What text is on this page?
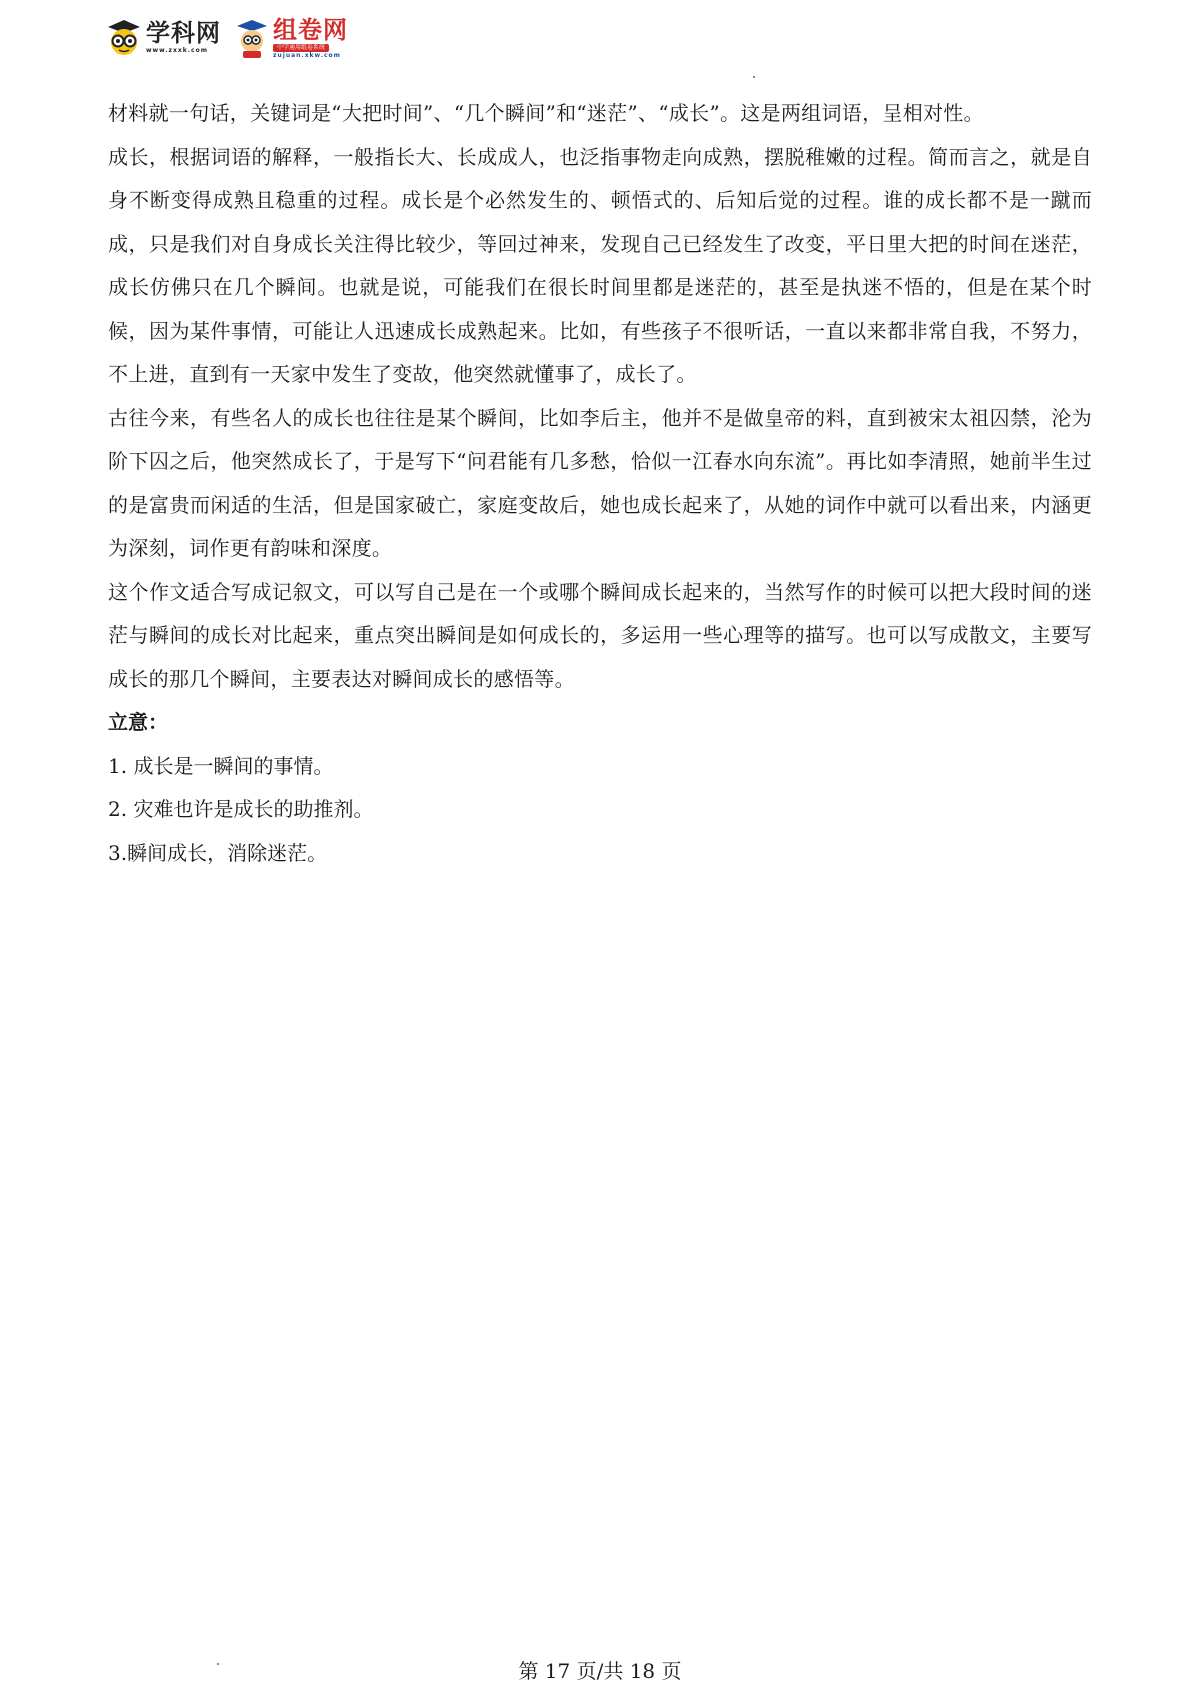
学科网
www.zxxk.com
组卷网
中学通用组卷系统
zujuan.xkw.com

材料就一句话，关键词是“大把时间”、“几个瞬间”和“迷茫”、“成长”。这是两组词语，呈相对性。

成长，根据词语的解释，一般指长大、长成成人，也泛指事物走向成熟，摆脱稚嫩的过程。简而言之，就是自身不断变得成熟且稳重的过程。成长是个必然发生的、顿悟式的、后知后觉的过程。谁的成长都不是一蹴而成，只是我们对自身成长关注得比较少，等回过神来，发现自己已经发生了改变，平日里大把的时间在迷茫，成长仿佛只在几个瞬间。也就是说，可能我们在很长时间里都是迷茫的，甚至是执迷不悟的，但是在某个时候，因为某件事情，可能让人迅速成长成熟起来。比如，有些孩子不很听话，一直以来都非常自我，不努力，不上进，直到有一天家中发生了变故，他突然就懂事了，成长了。

古往今来，有些名人的成长也往往是某个瞬间，比如李后主，他并不是做皇帝的料，直到被宋太祖囚禁，沦为阶下囚之后，他突然成长了，于是写下“问君能有几多愁，恰似一江春水向东流”。再比如李清照，她前半生过的是富贵而闲适的生活，但是国家破亡，家庭变故后，她也成长起来了，从她的词作中就可以看出来，内涵更为深刻，词作更有韵味和深度。

这个作文适合写成记叙文，可以写自己是在一个或哪个瞬间成长起来的，当然写作的时候可以把大段时间的迷茫与瞬间的成长对比起来，重点突出瞬间是如何成长的，多运用一些心理等的描写。也可以写成散文，主要写成长的那几个瞬间，主要表达对瞬间成长的感悟等。

立意：

1. 成长是一瞬间的事情。

2. 灾难也许是成长的助推剂。

3.瞬间成长，消除迷茫。

第 17 页/共 18 页
